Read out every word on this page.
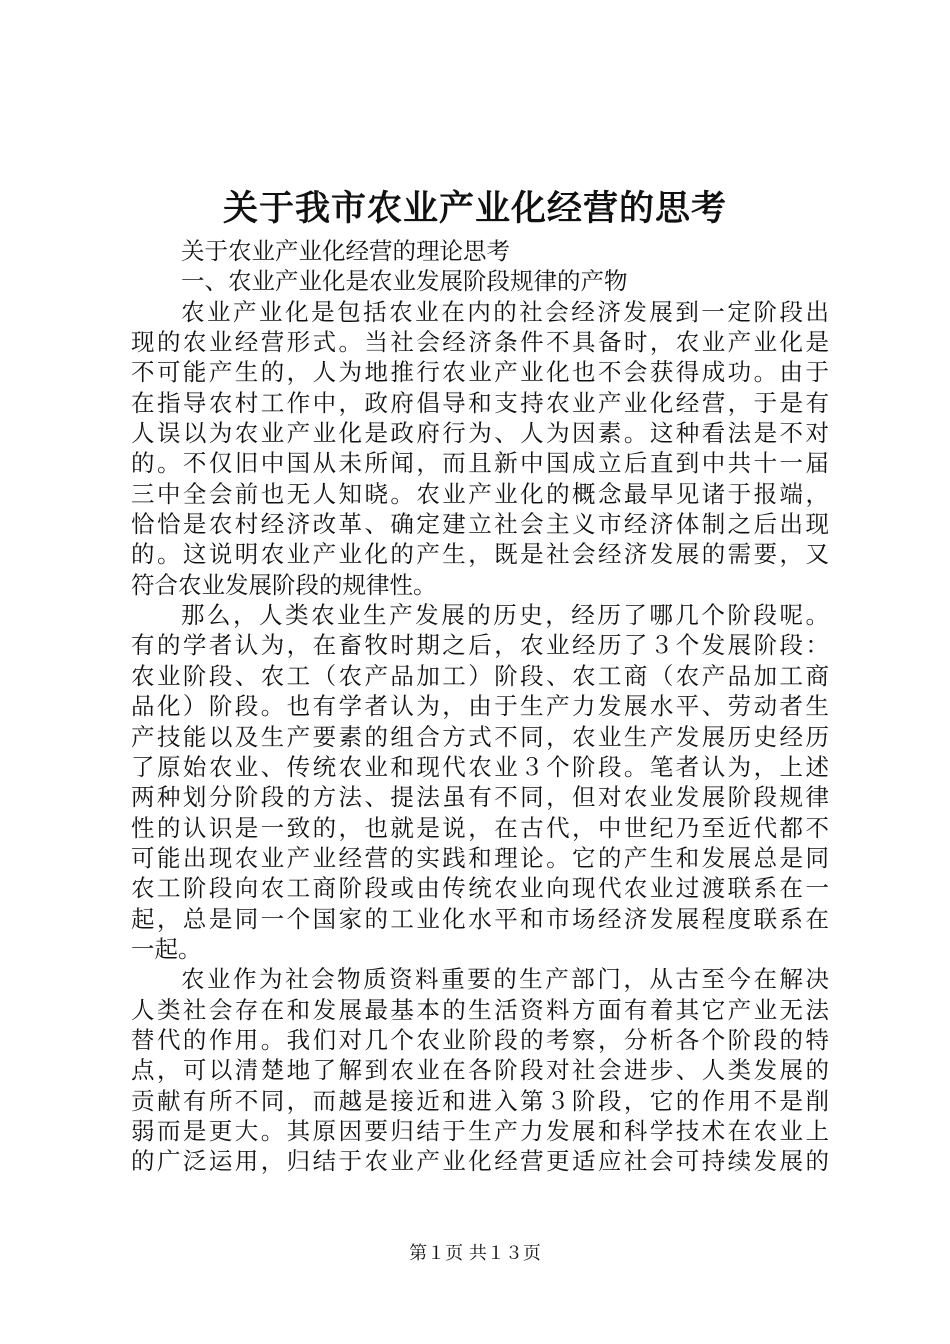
关于我市农业产业化经营的思考
关于农业产业化经营的理论思考
一、农业产业化是农业发展阶段规律的产物
农业产业化是包括农业在内的社会经济发展到一定阶段出
现的农业经营形式。当社会经济条件不具备时，农业产业化是
不可能产生的，人为地推行农业产业化也不会获得成功。由于
在指导农村工作中，政府倡导和支持农业产业化经营，于是有
人误以为农业产业化是政府行为、人为因素。这种看法是不对
的。不仅旧中国从未所闻，而且新中国成立后直到中共十一届
三中全会前也无人知晓。农业产业化的概念最早见诸于报端，
恰恰是农村经济改革、确定建立社会主义市经济体制之后出现
的。这说明农业产业化的产生，既是社会经济发展的需要，又
符合农业发展阶段的规律性。
那么，人类农业生产发展的历史，经历了哪几个阶段呢。
有的学者认为，在畜牧时期之后，农业经历了３个发展阶段：
农业阶段、农工（农产品加工）阶段、农工商（农产品加工商
品化）阶段。也有学者认为，由于生产力发展水平、劳动者生
产技能以及生产要素的组合方式不同，农业生产发展历史经历
了原始农业、传统农业和现代农业３个阶段。笔者认为，上述
两种划分阶段的方法、提法虽有不同，但对农业发展阶段规律
性的认识是一致的，也就是说，在古代，中世纪乃至近代都不
可能出现农业产业经营的实践和理论。它的产生和发展总是同
农工阶段向农工商阶段或由传统农业向现代农业过渡联系在一
起，总是同一个国家的工业化水平和市场经济发展程度联系在
一起。
农业作为社会物质资料重要的生产部门，从古至今在解决
人类社会存在和发展最基本的生活资料方面有着其它产业无法
替代的作用。我们对几个农业阶段的考察，分析各个阶段的特
点，可以清楚地了解到农业在各阶段对社会进步、人类发展的
贡献有所不同，而越是接近和进入第３阶段，它的作用不是削
弱而是更大。其原因要归结于生产力发展和科学技术在农业上
的广泛运用，归结于农业产业化经营更适应社会可持续发展的
第１页 共１３页
